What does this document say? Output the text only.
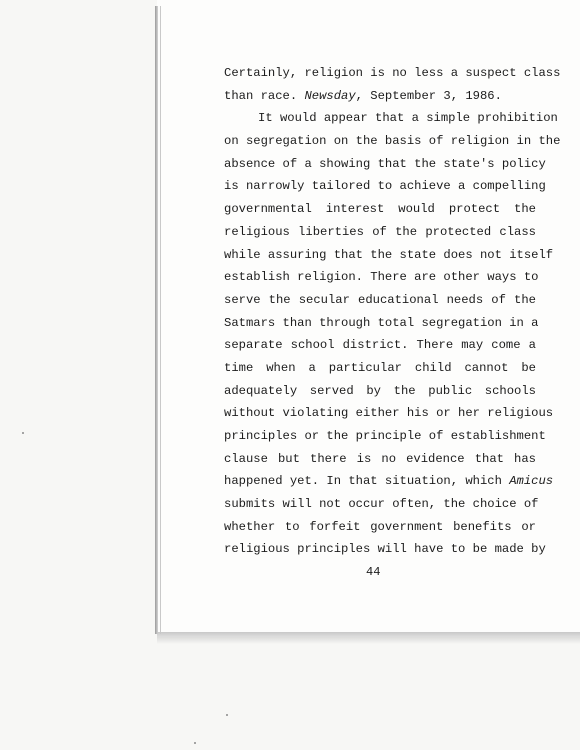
Certainly, religion is no less a suspect class
than race. Newsday, September 3, 1986.
It would appear that a simple prohibition
on segregation on the basis of religion in the
absence of a showing that the state's policy
is narrowly tailored to achieve a compelling
governmental interest would protect the
religious liberties of the protected class
while assuring that the state does not itself
establish religion. There are other ways to
serve the secular educational needs of the
Satmars than through total segregation in a
separate school district. There may come a
time when a particular child cannot be
adequately served by the public schools
without violating either his or her religious
principles or the principle of establishment
clause but there is no evidence that has
happened yet. In that situation, which Amicus
submits will not occur often, the choice of
whether to forfeit government benefits or
religious principles will have to be made by
44
